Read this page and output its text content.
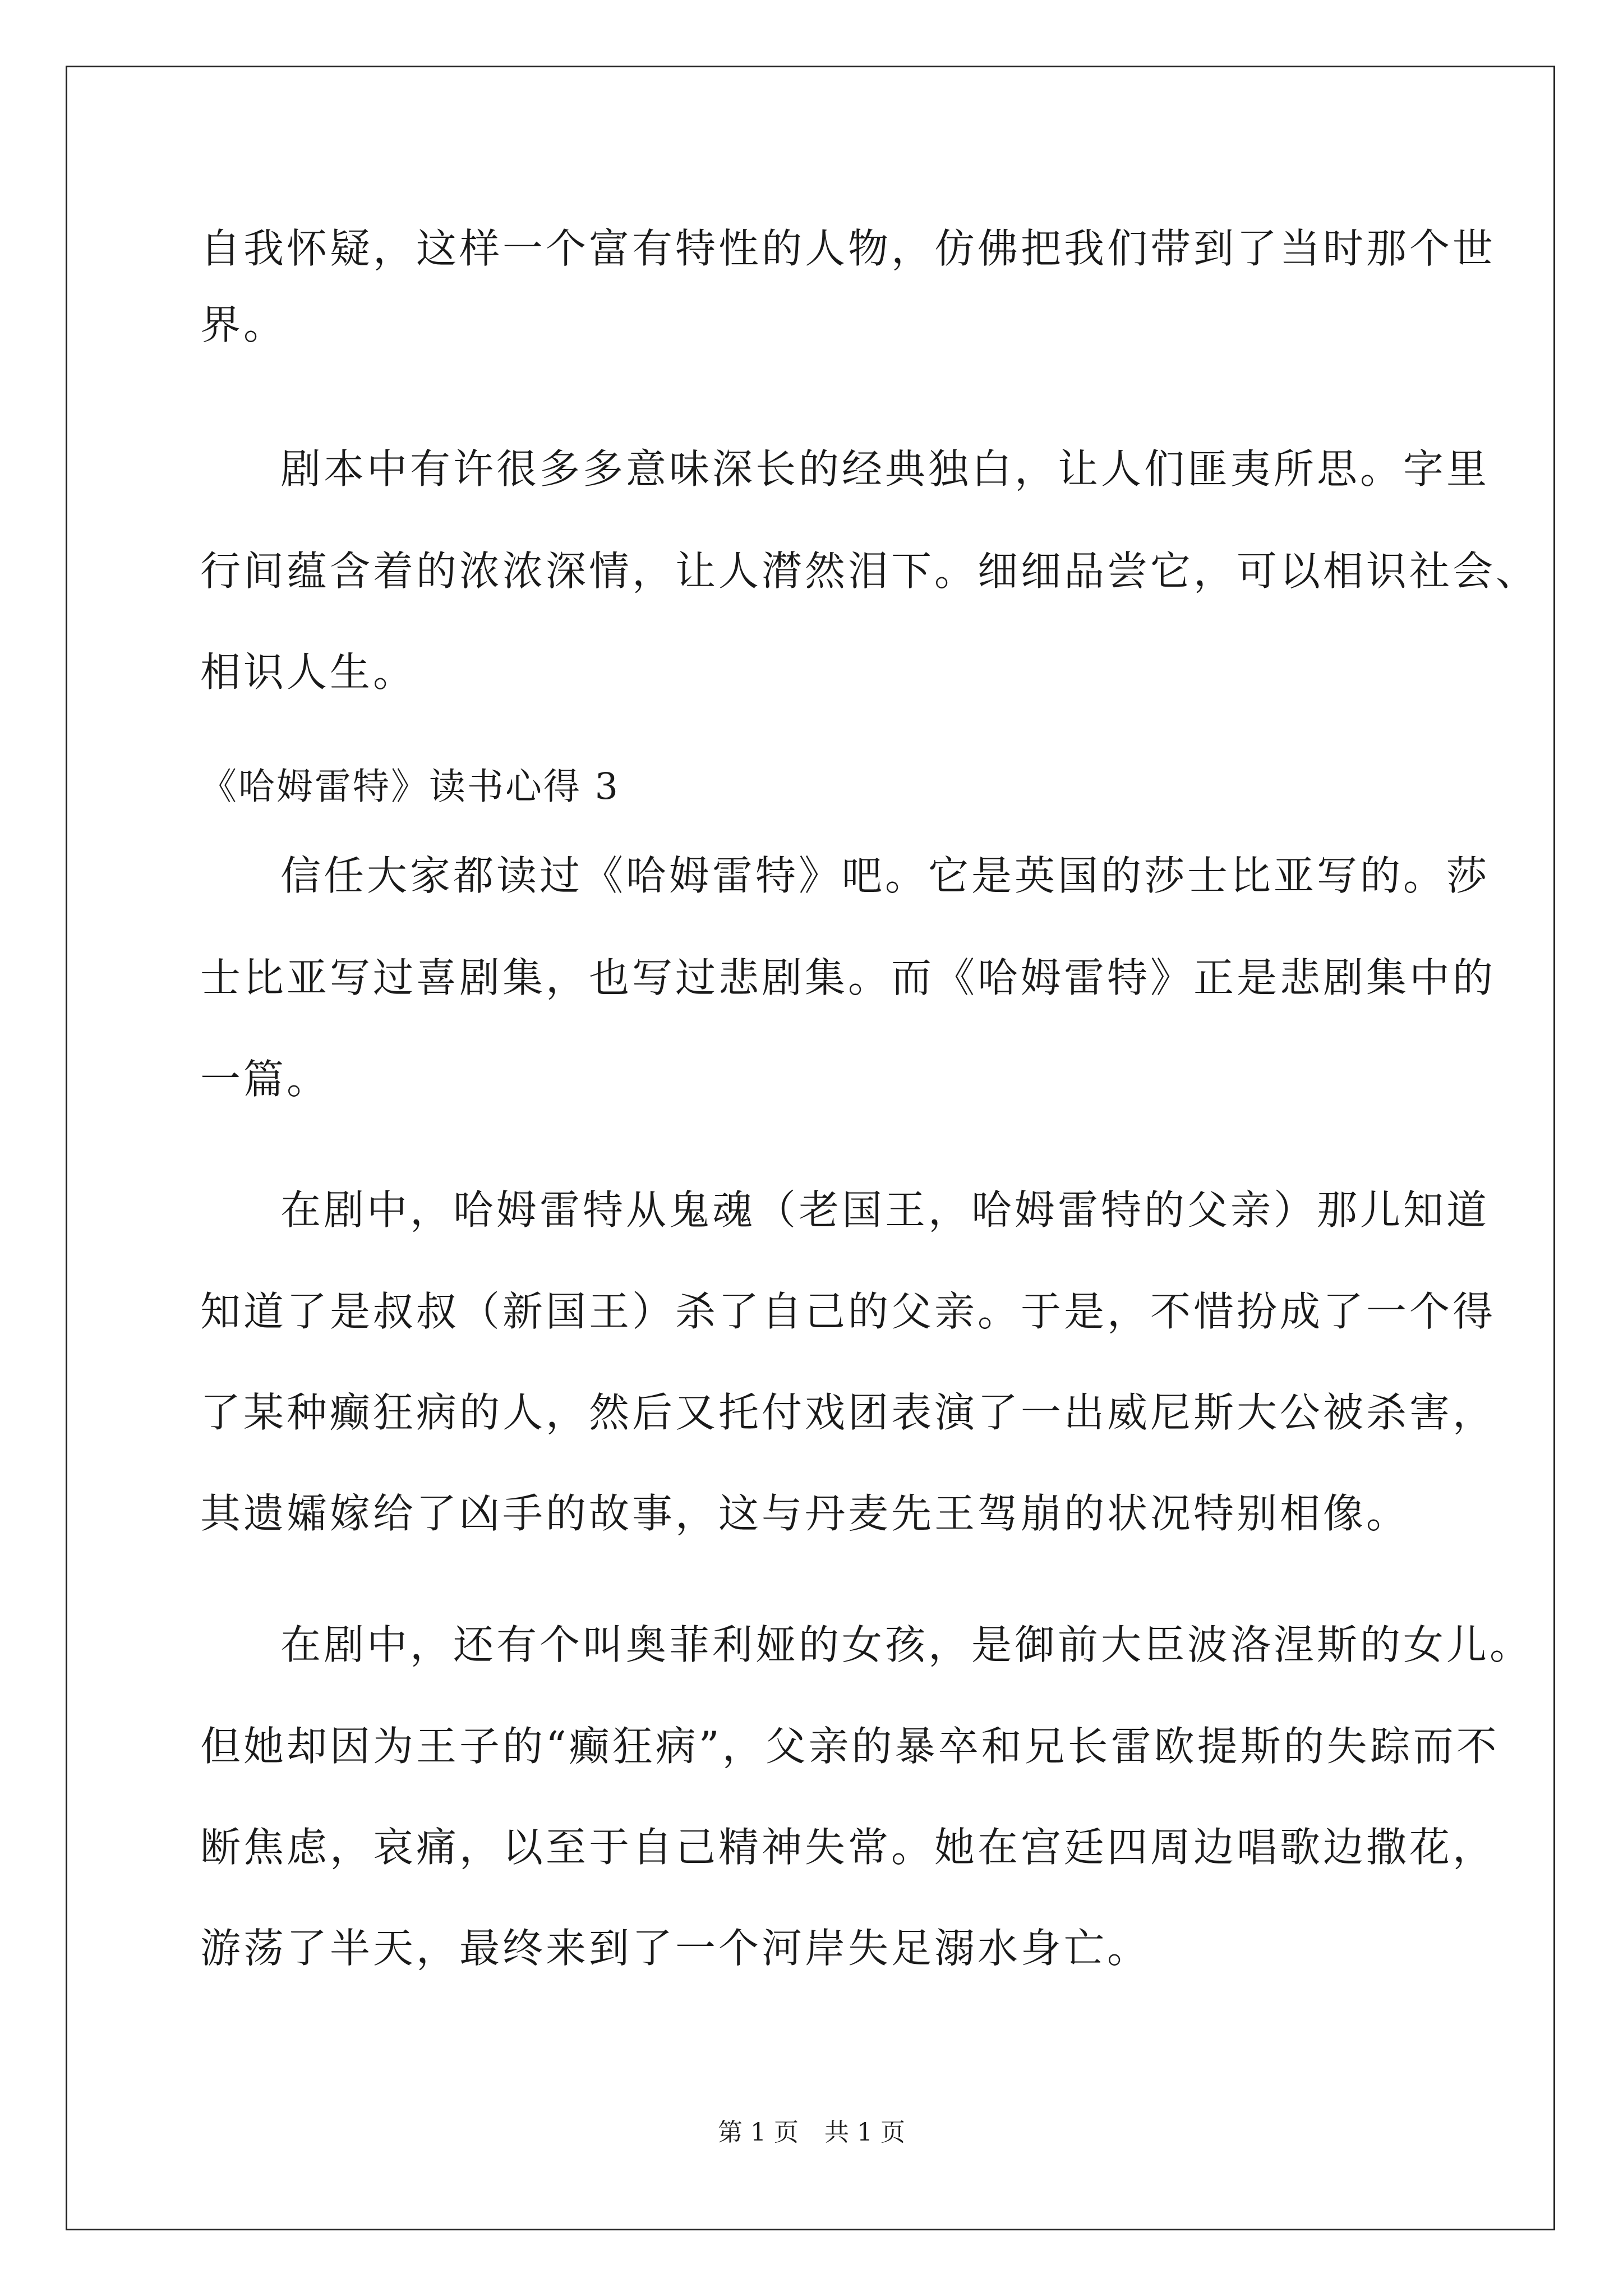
自我怀疑，这样一个富有特性的人物，仿佛把我们带到了当时那个世
界。
剧本中有许很多多意味深长的经典独白，让人们匪夷所思。字里
行间蕴含着的浓浓深情，让人潸然泪下。细细品尝它，可以相识社会、
相识人生。
《哈姆雷特》读书心得 3
信任大家都读过《哈姆雷特》吧。它是英国的莎士比亚写的。莎
士比亚写过喜剧集，也写过悲剧集。而《哈姆雷特》正是悲剧集中的
一篇。
在剧中，哈姆雷特从鬼魂（老国王，哈姆雷特的父亲）那儿知道
知道了是叔叔（新国王）杀了自己的父亲。于是，不惜扮成了一个得
了某种癫狂病的人，然后又托付戏团表演了一出威尼斯大公被杀害，
其遗孀嫁给了凶手的故事，这与丹麦先王驾崩的状况特别相像。
在剧中，还有个叫奥菲利娅的女孩，是御前大臣波洛涅斯的女儿。
但她却因为王子的“癫狂病”，父亲的暴卒和兄长雷欧提斯的失踪而不
断焦虑，哀痛，以至于自己精神失常。她在宫廷四周边唱歌边撒花，
游荡了半天，最终来到了一个河岸失足溺水身亡。
第 1 页 共 1 页
